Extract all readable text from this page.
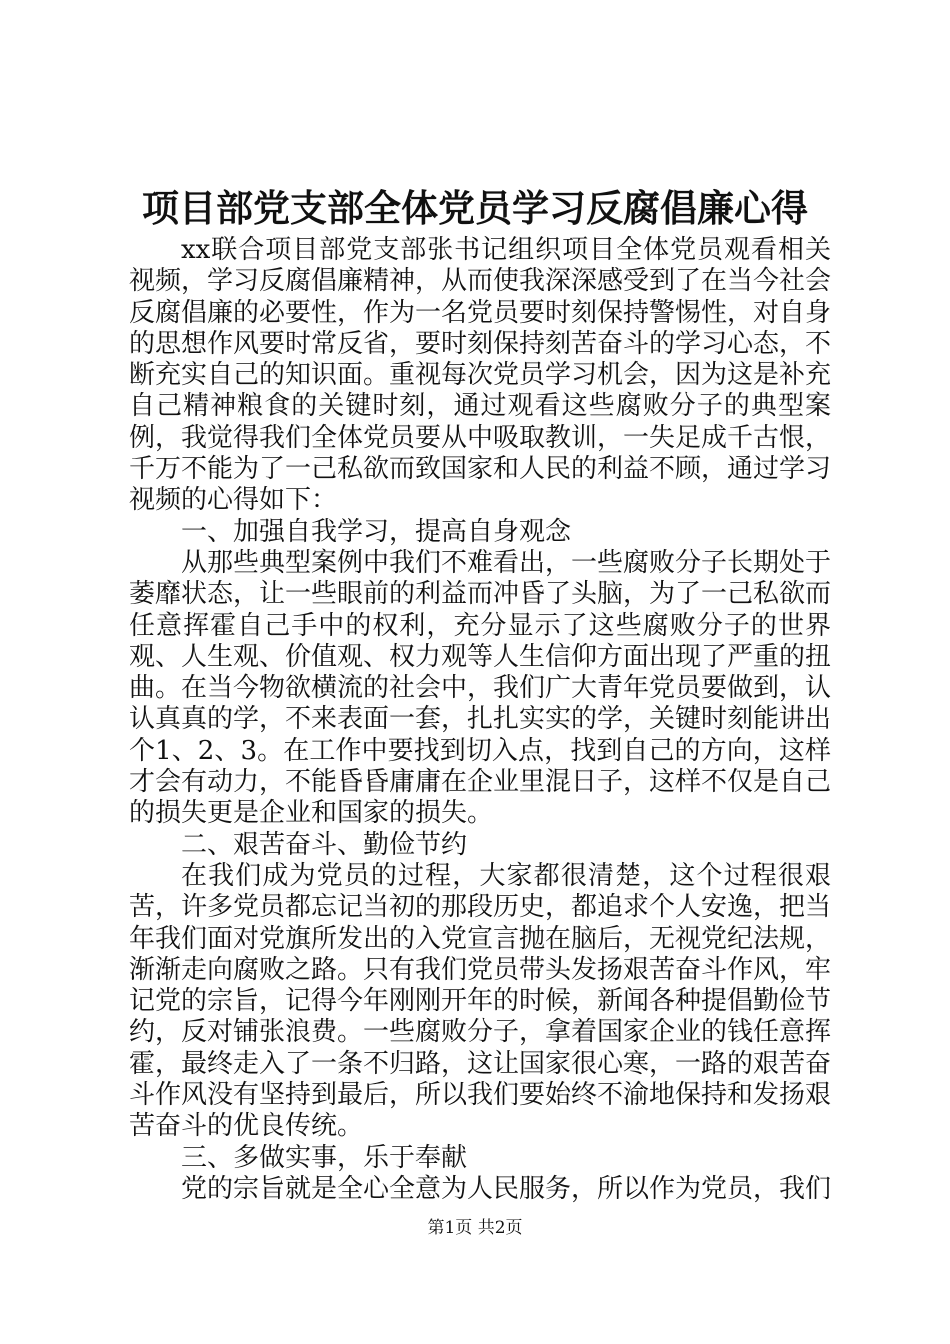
项目部党支部全体党员学习反腐倡廉心得

xx联合项目部党支部张书记组织项目全体党员观看相关视频，学习反腐倡廉精神，从而使我深深感受到了在当今社会反腐倡廉的必要性，作为一名党员要时刻保持警惕性，对自身的思想作风要时常反省，要时刻保持刻苦奋斗的学习心态，不断充实自己的知识面。重视每次党员学习机会，因为这是补充自己精神粮食的关键时刻，通过观看这些腐败分子的典型案例，我觉得我们全体党员要从中吸取教训，一失足成千古恨，千万不能为了一己私欲而致国家和人民的利益不顾，通过学习视频的心得如下：

一、加强自我学习，提高自身观念

从那些典型案例中我们不难看出，一些腐败分子长期处于萎靡状态，让一些眼前的利益而冲昏了头脑，为了一己私欲而任意挥霍自己手中的权利，充分显示了这些腐败分子的世界观、人生观、价值观、权力观等人生信仰方面出现了严重的扭曲。在当今物欲横流的社会中，我们广大青年党员要做到，认认真真的学，不来表面一套，扎扎实实的学，关键时刻能讲出个1、2、3。在工作中要找到切入点，找到自己的方向，这样才会有动力，不能昏昏庸庸在企业里混日子，这样不仅是自己的损失更是企业和国家的损失。

二、艰苦奋斗、勤俭节约

在我们成为党员的过程，大家都很清楚，这个过程很艰苦，许多党员都忘记当初的那段历史，都追求个人安逸，把当年我们面对党旗所发出的入党宣言抛在脑后，无视党纪法规，渐渐走向腐败之路。只有我们党员带头发扬艰苦奋斗作风，牢记党的宗旨，记得今年刚刚开年的时候，新闻各种提倡勤俭节约，反对铺张浪费。一些腐败分子，拿着国家企业的钱任意挥霍，最终走入了一条不归路，这让国家很心寒，一路的艰苦奋斗作风没有坚持到最后，所以我们要始终不渝地保持和发扬艰苦奋斗的优良传统。

三、多做实事，乐于奉献

党的宗旨就是全心全意为人民服务，所以作为党员，我们

第1页 共2页
